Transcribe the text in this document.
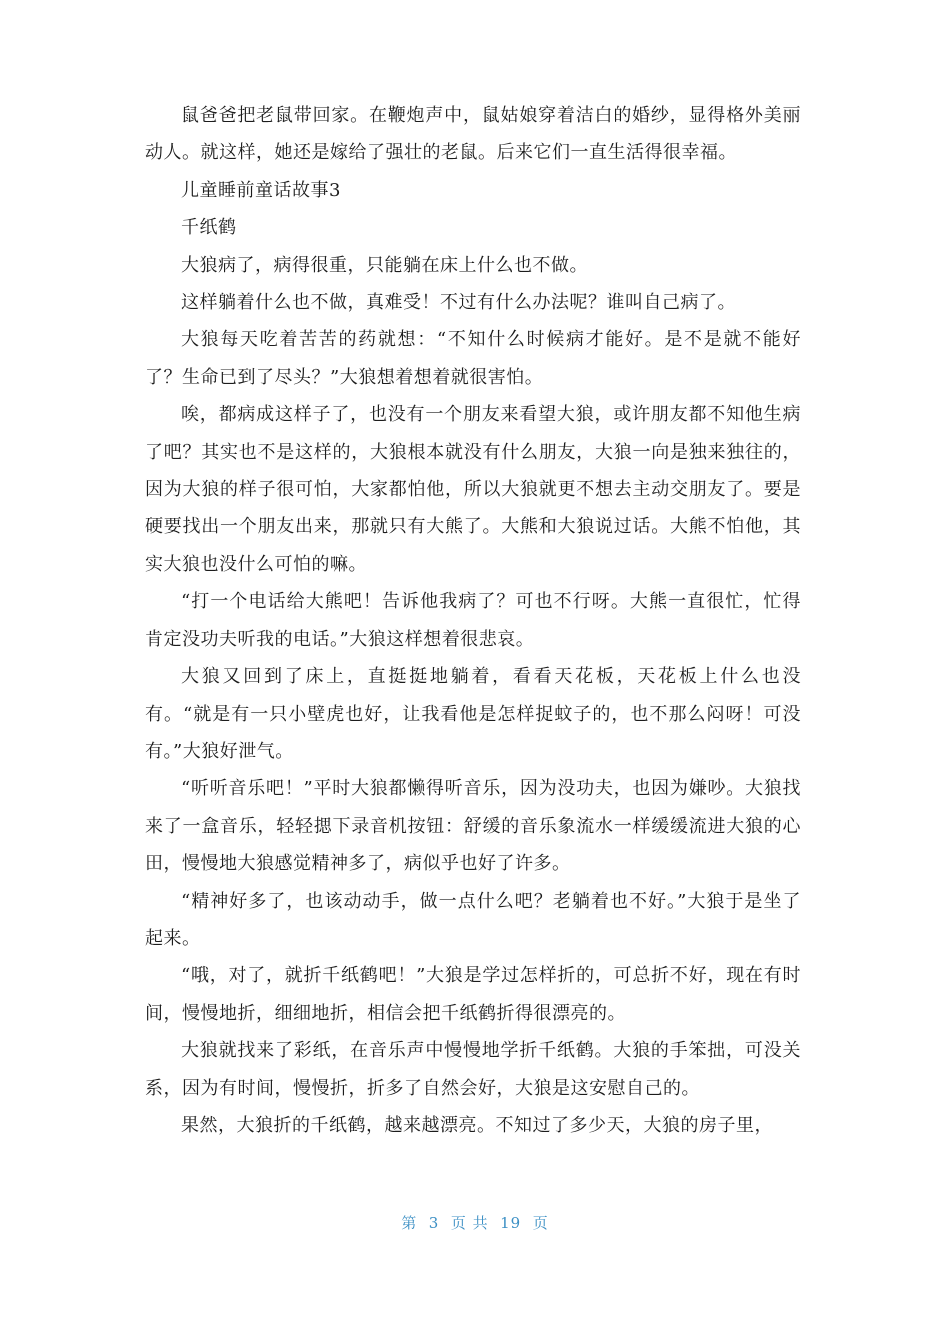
鼠爸爸把老鼠带回家。在鞭炮声中，鼠姑娘穿着洁白的婚纱，显得格外美丽动人。就这样，她还是嫁给了强壮的老鼠。后来它们一直生活得很幸福。

儿童睡前童话故事3

千纸鹤

大狼病了，病得很重，只能躺在床上什么也不做。

这样躺着什么也不做，真难受！不过有什么办法呢？谁叫自己病了。

大狼每天吃着苦苦的药就想：“不知什么时候病才能好。是不是就不能好了？生命已到了尽头？”大狼想着想着就很害怕。

唉，都病成这样子了，也没有一个朋友来看望大狼，或许朋友都不知他生病了吧？其实也不是这样的，大狼根本就没有什么朋友，大狼一向是独来独往的，因为大狼的样子很可怕，大家都怕他，所以大狼就更不想去主动交朋友了。要是硬要找出一个朋友出来，那就只有大熊了。大熊和大狼说过话。大熊不怕他，其实大狼也没什么可怕的嘛。

“打一个电话给大熊吧！告诉他我病了？可也不行呀。大熊一直很忙，忙得肯定没功夫听我的电话。”大狼这样想着很悲哀。

大狼又回到了床上，直挺挺地躺着，看看天花板，天花板上什么也没有。“就是有一只小壁虎也好，让我看他是怎样捉蚊子的，也不那么闷呀！可没有。”大狼好泄气。

“听听音乐吧！”平时大狼都懒得听音乐，因为没功夫，也因为嫌吵。大狼找来了一盒音乐，轻轻揌下录音机按钮：舒缓的音乐象流水一样缓缓流进大狼的心田，慢慢地大狼感觉精神多了，病似乎也好了许多。

“精神好多了，也该动动手，做一点什么吧？老躺着也不好。”大狼于是坐了起来。

“哦，对了，就折千纸鹤吧！”大狼是学过怎样折的，可总折不好，现在有时间，慢慢地折，细细地折，相信会把千纸鹤折得很漂亮的。

大狼就找来了彩纸，在音乐声中慢慢地学折千纸鹤。大狼的手笨拙，可没关系，因为有时间，慢慢折，折多了自然会好，大狼是这安慰自己的。

果然，大狼折的千纸鹤，越来越漂亮。不知过了多少天，大狼的房子里，

第  3  页 共  19  页
